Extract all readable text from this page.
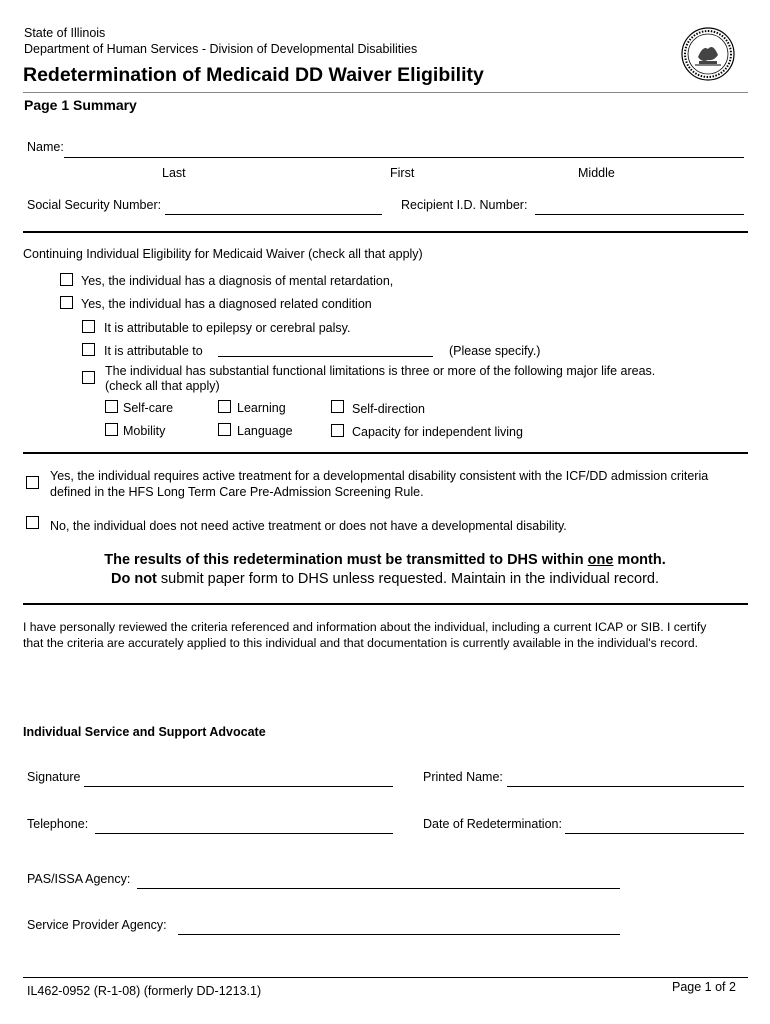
State of Illinois
Department of Human Services - Division of Developmental Disabilities
Redetermination of Medicaid DD Waiver Eligibility
Page 1 Summary
Name:
Last	First	Middle
Social Security Number:	Recipient I.D. Number:
Continuing Individual Eligibility for Medicaid Waiver (check all that apply)
Yes, the individual has a diagnosis of mental retardation,
Yes, the individual has a diagnosed related condition
It is attributable to epilepsy or cerebral palsy.
It is attributable to	(Please specify.)
The individual has substantial functional limitations is three or more of the following major life areas.
(check all that apply)
Self-care	Learning	Self-direction
Mobility	Language	Capacity for independent living
Yes, the individual requires active treatment for a developmental disability consistent with the ICF/DD admission criteria
defined in the HFS Long Term Care Pre-Admission Screening Rule.
No, the individual does not need active treatment or does not have a developmental disability.
The results of this redetermination must be transmitted to DHS within one month.
Do not submit paper form to DHS unless requested. Maintain in the individual record.
I have personally reviewed the criteria referenced and information about the individual, including a current ICAP or SIB. I certify
that the criteria are accurately applied to this individual and that documentation is currently available in the individual's record.
Individual Service and Support Advocate
Signature	Printed Name:
Telephone:	Date of Redetermination:
PAS/ISSA Agency:
Service Provider Agency:
IL462-0952 (R-1-08) (formerly DD-1213.1)	Page 1 of 2
